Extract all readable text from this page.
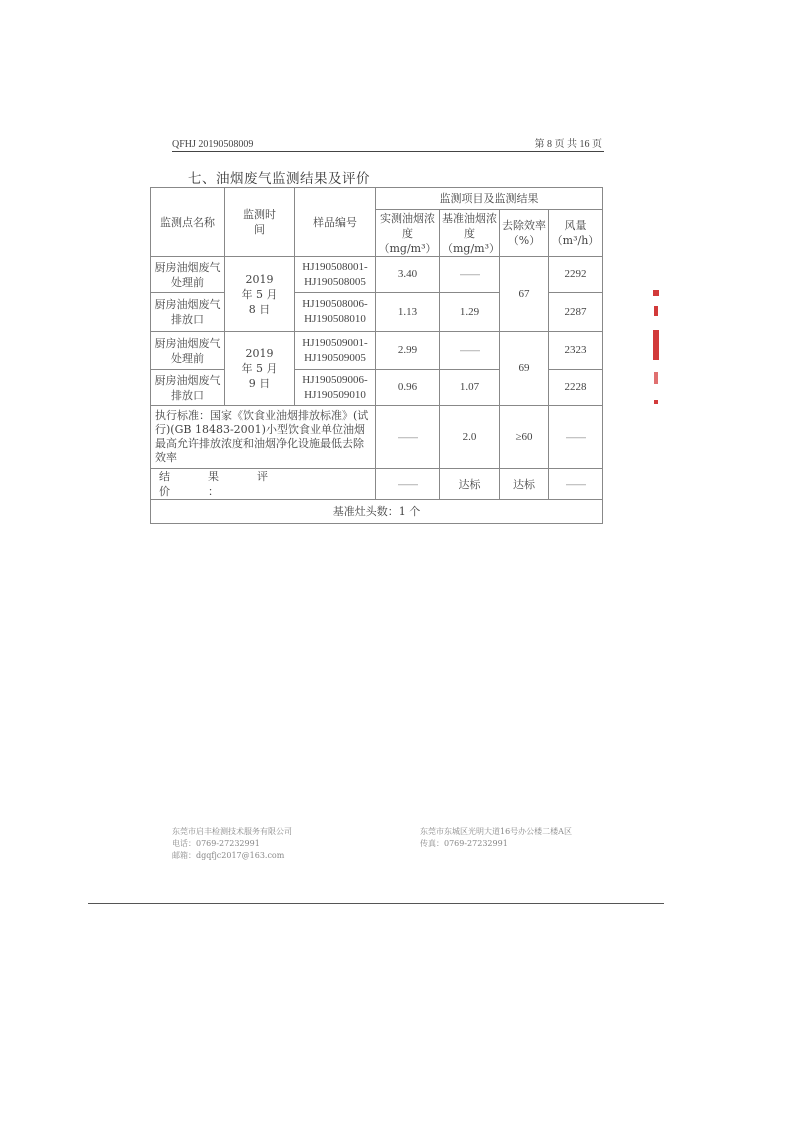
QFHJ 20190508009	第 8 页 共 16 页
七、油烟废气监测结果及评价
监测点名称	监测时间	样品编号	监测项目及监测结果			
			实测油烟浓度（mg/m³）	基准油烟浓度（mg/m³）	去除效率（%）	风量（m³/h）
厨房油烟废气处理前	2019 年 5 月 8 日	HJ190508001-HJ190508005	3.40	——	67	2292
厨房油烟废气排放口		HJ190508006-HJ190508010	1.13	1.29		2287
厨房油烟废气处理前	2019 年 5 月 9 日	HJ190509001-HJ190509005	2.99	——	69	2323
厨房油烟废气排放口		HJ190509006-HJ190509010	0.96	1.07		2228
执行标准：国家《饮食业油烟排放标准》(试行)(GB 18483-2001)小型饮食业单位油烟最高允许排放浓度和油烟净化设施最低去除效率			——	2.0	≥60	——
结果评价：			——	达标	达标	——
基准灶头数：1 个						
东莞市启丰检测技术服务有限公司
电话：0769-27232991
邮箱：dgqfjc2017@163.com
东莞市东城区光明大道16号办公楼二楼A区
传真：0769-27232991
